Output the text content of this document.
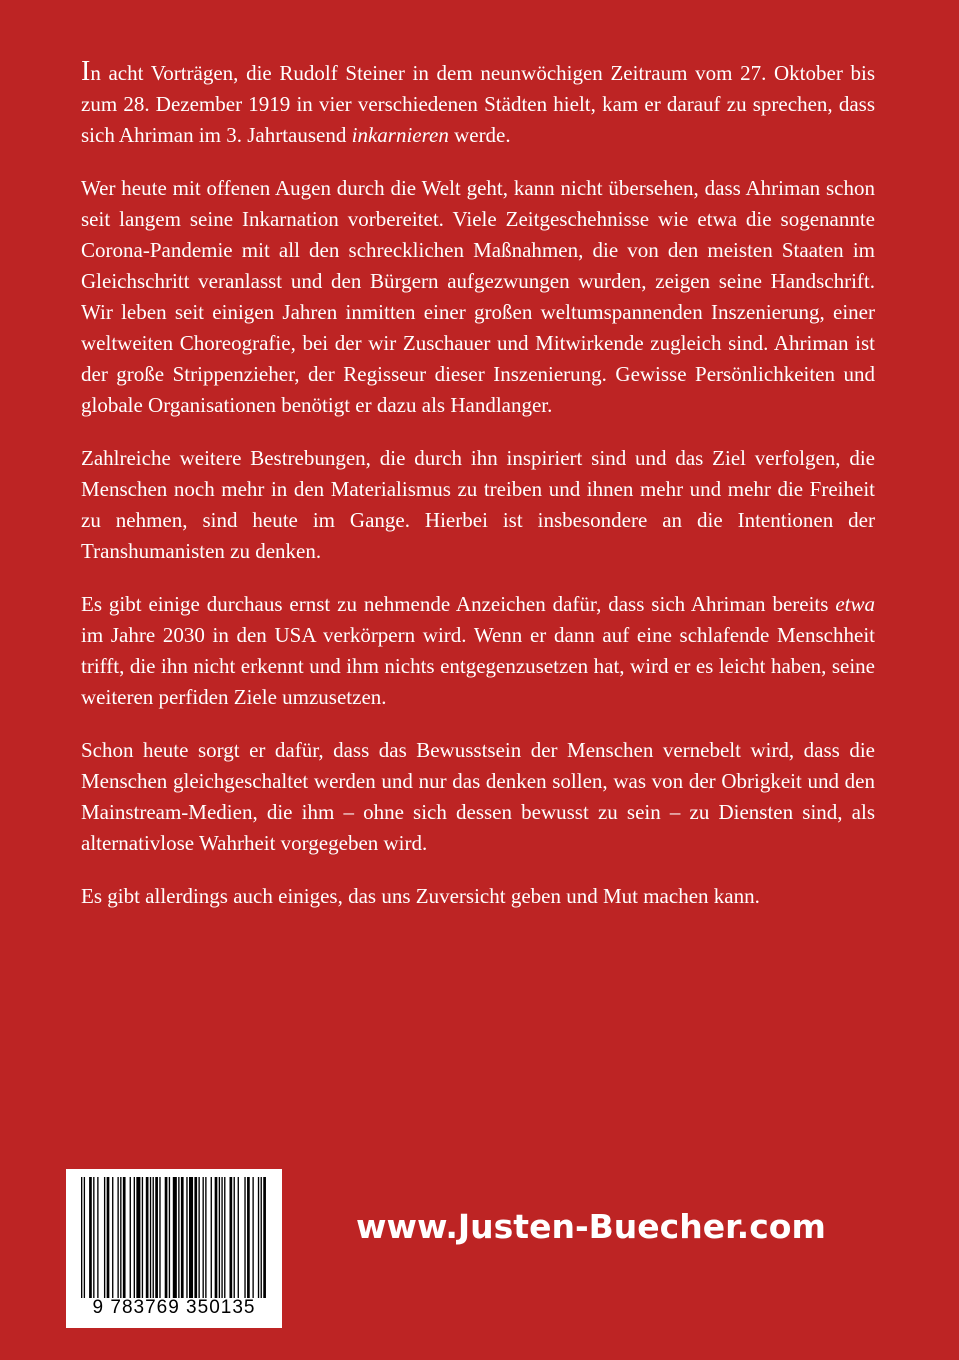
In acht Vorträgen, die Rudolf Steiner in dem neunwöchigen Zeitraum vom 27. Oktober bis zum 28. Dezember 1919 in vier verschiedenen Städten hielt, kam er darauf zu sprechen, dass sich Ahriman im 3. Jahrtausend inkarnieren werde.

Wer heute mit offenen Augen durch die Welt geht, kann nicht übersehen, dass Ahriman schon seit langem seine Inkarnation vorbereitet. Viele Zeitgeschehnisse wie etwa die sogenannte Corona-Pandemie mit all den schrecklichen Maßnahmen, die von den meisten Staaten im Gleichschritt veranlasst und den Bürgern aufgezwungen wurden, zeigen seine Handschrift. Wir leben seit einigen Jahren inmitten einer großen weltumspannenden Inszenierung, einer weltweiten Choreografie, bei der wir Zuschauer und Mitwirkende zugleich sind. Ahriman ist der große Strippenzieher, der Regisseur dieser Inszenierung. Gewisse Persönlichkeiten und globale Organisationen benötigt er dazu als Handlanger.

Zahlreiche weitere Bestrebungen, die durch ihn inspiriert sind und das Ziel verfolgen, die Menschen noch mehr in den Materialismus zu treiben und ihnen mehr und mehr die Freiheit zu nehmen, sind heute im Gange. Hierbei ist insbesondere an die Intentionen der Transhumanisten zu denken.

Es gibt einige durchaus ernst zu nehmende Anzeichen dafür, dass sich Ahriman bereits etwa im Jahre 2030 in den USA verkörpern wird. Wenn er dann auf eine schlafende Menschheit trifft, die ihn nicht erkennt und ihm nichts entgegenzusetzen hat, wird er es leicht haben, seine weiteren perfiden Ziele umzusetzen.

Schon heute sorgt er dafür, dass das Bewusstsein der Menschen vernebelt wird, dass die Menschen gleichgeschaltet werden und nur das denken sollen, was von der Obrigkeit und den Mainstream-Medien, die ihm – ohne sich dessen bewusst zu sein – zu Diensten sind, als alternativlose Wahrheit vorgegeben wird.

Es gibt allerdings auch einiges, das uns Zuversicht geben und Mut machen kann.

9 783769 350135
www.Justen-Buecher.com
